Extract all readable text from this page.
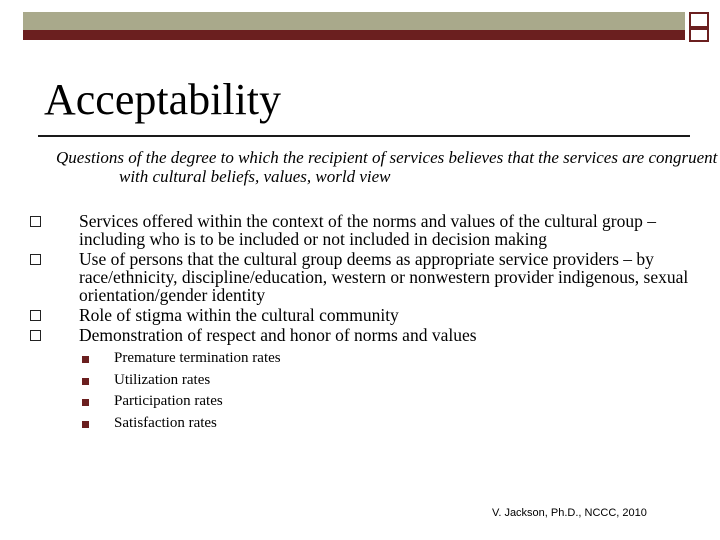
Acceptability

Questions of the degree to which the recipient of services believes that the services are congruent with cultural beliefs, values, world view

Services offered within the context of the norms and values of the cultural group – including who is to be included or not included in decision making
Use of persons that the cultural group deems as appropriate service providers – by race/ethnicity, discipline/education, western or nonwestern provider indigenous, sexual orientation/gender identity
Role of stigma within the cultural community
Demonstration of respect and honor of norms and values
Premature termination rates
Utilization rates
Participation rates
Satisfaction rates

V. Jackson, Ph.D., NCCC, 2010
